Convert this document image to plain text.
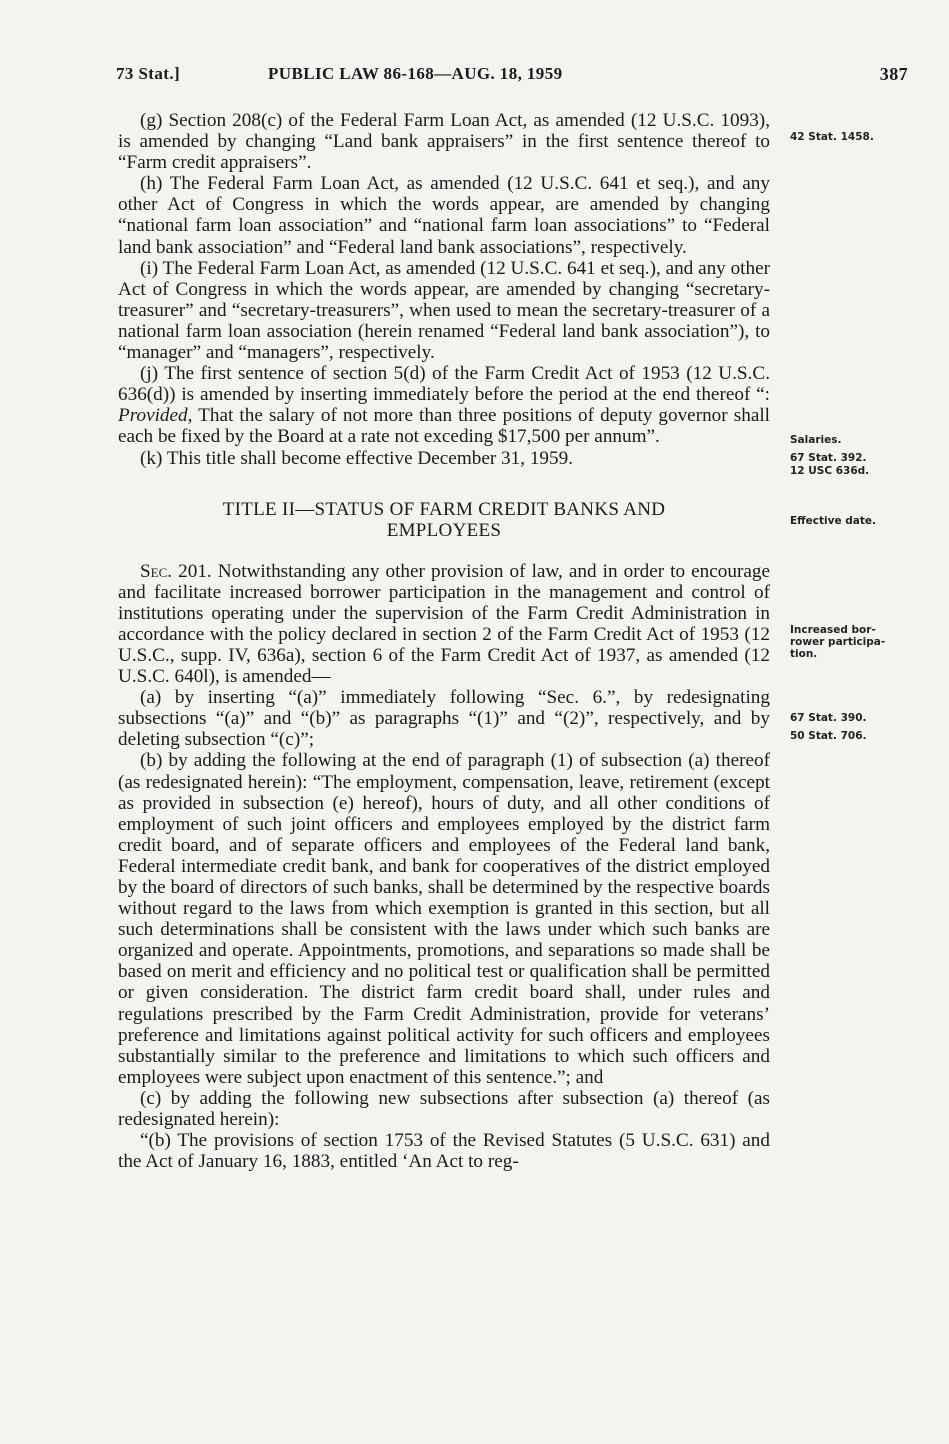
73 Stat.]	PUBLIC LAW 86-168—AUG. 18, 1959	387
42 Stat. 1458.
Salaries.
67 Stat. 392.
12 USC 636d.
Effective date.
Increased bor-
rower participa-
tion.
67 Stat. 390.
50 Stat. 706.

(g) Section 208(c) of the Federal Farm Loan Act, as amended (12 U.S.C. 1093), is amended by changing “Land bank appraisers” in the first sentence thereof to “Farm credit appraisers”.

(h) The Federal Farm Loan Act, as amended (12 U.S.C. 641 et seq.), and any other Act of Congress in which the words appear, are amended by changing “national farm loan association” and “national farm loan associations” to “Federal land bank association” and “Federal land bank associations”, respectively.

(i) The Federal Farm Loan Act, as amended (12 U.S.C. 641 et seq.), and any other Act of Congress in which the words appear, are amended by changing “secretary-treasurer” and “secretary-treasurers”, when used to mean the secretary-treasurer of a national farm loan association (herein renamed “Federal land bank association”), to “manager” and “managers”, respectively.

(j) The first sentence of section 5(d) of the Farm Credit Act of 1953 (12 U.S.C. 636(d)) is amended by inserting immediately before the period at the end thereof “: Provided, That the salary of not more than three positions of deputy governor shall each be fixed by the Board at a rate not exceding $17,500 per annum”.

(k) This title shall become effective December 31, 1959.

TITLE II—STATUS OF FARM CREDIT BANKS AND
EMPLOYEES

Sec. 201. Notwithstanding any other provision of law, and in order to encourage and facilitate increased borrower participation in the management and control of institutions operating under the supervision of the Farm Credit Administration in accordance with the policy declared in section 2 of the Farm Credit Act of 1953 (12 U.S.C., supp. IV, 636a), section 6 of the Farm Credit Act of 1937, as amended (12 U.S.C. 640l), is amended—

(a) by inserting “(a)” immediately following “Sec. 6.”, by redesignating subsections “(a)” and “(b)” as paragraphs “(1)” and “(2)”, respectively, and by deleting subsection “(c)”;

(b) by adding the following at the end of paragraph (1) of subsection (a) thereof (as redesignated herein): “The employment, compensation, leave, retirement (except as provided in subsection (e) hereof), hours of duty, and all other conditions of employment of such joint officers and employees employed by the district farm credit board, and of separate officers and employees of the Federal land bank, Federal intermediate credit bank, and bank for cooperatives of the district employed by the board of directors of such banks, shall be determined by the respective boards without regard to the laws from which exemption is granted in this section, but all such determinations shall be consistent with the laws under which such banks are organized and operate. Appointments, promotions, and separations so made shall be based on merit and efficiency and no political test or qualification shall be permitted or given consideration. The district farm credit board shall, under rules and regulations prescribed by the Farm Credit Administration, provide for veterans’ preference and limitations against political activity for such officers and employees substantially similar to the preference and limitations to which such officers and employees were subject upon enactment of this sentence.”; and

(c) by adding the following new subsections after subsection (a) thereof (as redesignated herein):

“(b) The provisions of section 1753 of the Revised Statutes (5 U.S.C. 631) and the Act of January 16, 1883, entitled ‘An Act to reg-
